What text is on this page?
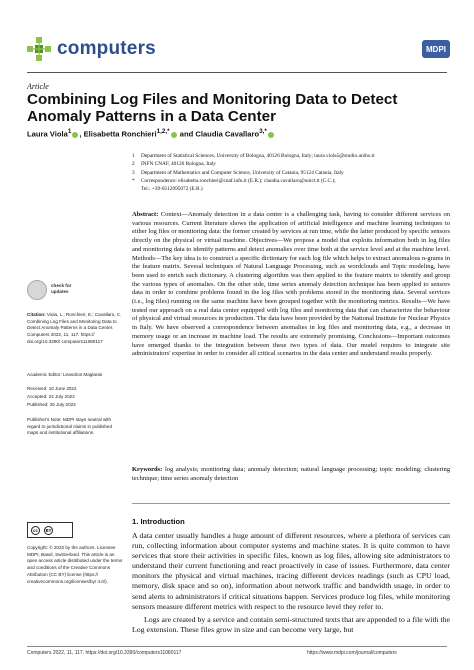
computers	MDPI
Article
Combining Log Files and Monitoring Data to Detect Anomaly Patterns in a Data Center
Laura Viola$^1$ , Elisabetta Ronchieri$^{1,2,*}$ and Claudia Cavallaro$^{3,*}$
1	Department of Statistical Sciences, University of Bologna, 40126 Bologna, Italy; laura.viola5@studio.unibo.it
2	INFN CNAF, 40126 Bologna, Italy
3	Department of Mathematics and Computer Science, University of Catania, 95124 Catania, Italy
*	Correspondence: elisabetta.ronchieri@cnaf.infn.it (E.R.); claudia.cavallaro@unict.it (C.C.);
Tel.: +39-0512095072 (E.R.)

Abstract: Context—Anomaly detection in a data center is a challenging task, having to consider different services on various resources. Current literature shows the application of artificial intelligence and machine learning techniques to either log files or monitoring data: the former created by services at run time, while the latter produced by specific sensors directly on the physical or virtual machine. Objectives—We propose a model that exploits information both in log files and monitoring data to identify patterns and detect anomalies over time both at the service level and at the machine level. Methods—The key idea is to construct a specific dictionary for each log file which helps to extract anomalous n-grams in the feature matrix. Several techniques of Natural Language Processing, such as wordclouds and Topic modeling, have been used to enrich such dictionary. A clustering algorithm was then applied to the feature matrix to identify and group the various types of anomalies. On the other side, time series anomaly detection technique has been applied to sensors data in order to combine problems found in the log files with problems stored in the monitoring data. Several services (i.e., log files) running on the same machine have been grouped together with the monitoring metrics. Results—We have tested our approach on a real data center equipped with log files and monitoring data that can characterize the behaviour of physical and virtual resources in production. The data have been provided by the National Institute for Nuclear Physics in Italy. We have observed a correspondence between anomalies in log files and monitoring data, e.g., a decrease in memory usage or an increase in machine load. The results are extremely promising. Conclusions—Important outcomes have emerged thanks to the integration between these two types of data. Our model requires to integrate site administrators' expertise in order to consider all critical scenarios in the data center and understand results properly.

Keywords: log analysis; monitoring data; anomaly detection; natural language processing; topic modeling; clustering technique; time series anomaly detection

check for
updates

Citation: Viola, L.; Ronchieri, E.; Cavallaro, C. Combining Log Files and Monitoring Data to Detect Anomaly Patterns in a Data Center. Computers 2022, 11, 117. https:// doi.org/10.3390/ computers11080117

Academic Editor: Leandros Maglaras

Received: 10 June 2022

Accepted: 22 July 2022

Published: 26 July 2022

Publisher's Note: MDPI stays neutral with regard to jurisdictional claims in published maps and institutional affiliations.

cc	BY

Copyright: © 2022 by the authors. Licensee MDPI, Basel, Switzerland. This article is an open access article distributed under the terms and conditions of the Creative Commons Attribution (CC BY) license (https:// creativecommons.org/licenses/by/ 4.0/).

1. Introduction

A data center usually handles a huge amount of different resources, where a plethora of services can run, collecting information about computer systems and machine states. It is quite common to have services that store their activities in specific files, known as log files, allowing site administrators to understand their current functioning and react proactively in case of issues. Furthermore, data center monitors the physical and virtual machines, tracing different devices readings (such as CPU load, memory, disk space and so on), information about network traffic and bandwidth usage, in order to send alerts to administrators if critical situations happen. Services produce log files, while monitoring sensors measure different metrics with respect to the resource level they refer to.

Logs are created by a service and contain semi-structured texts that are appended to a file with the Log extension. These files grow in size and can become very large, but

Computers 2022, 11, 117. https://doi.org/10.3390/computers11080117	https://www.mdpi.com/journal/computers
